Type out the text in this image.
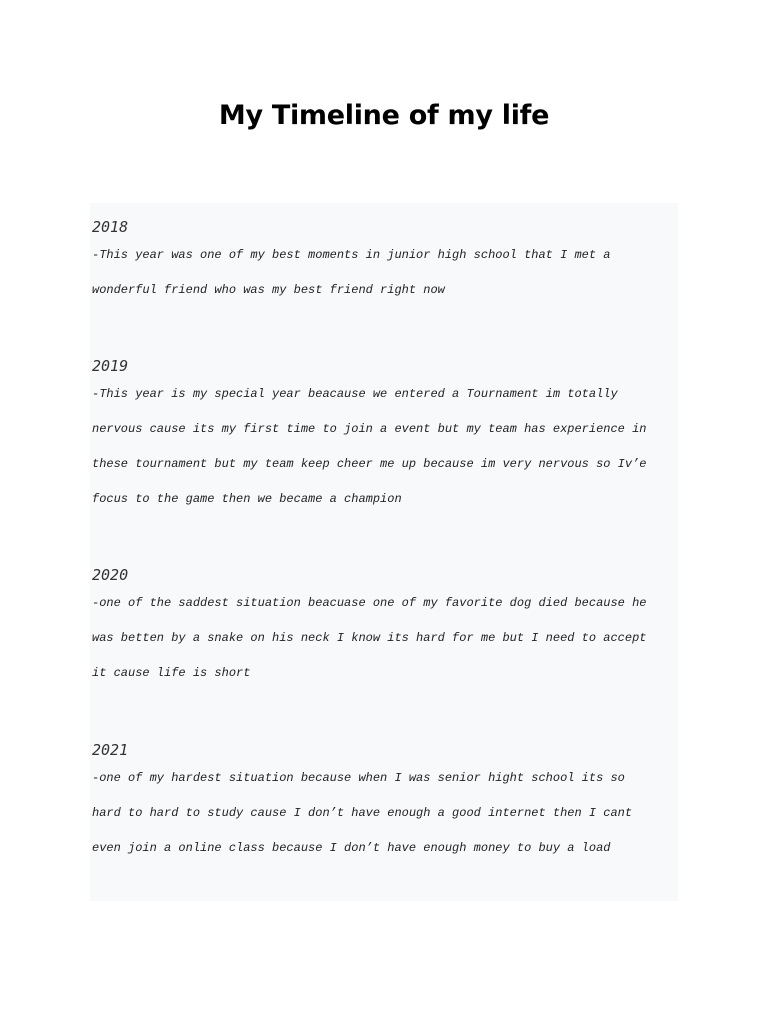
My Timeline of my life
2018
-This year was one of my best moments in junior high school that I met a
wonderful friend who was my best friend right now
2019
-This year is my special year beacause we entered a Tournament im totally
nervous cause its my first time to join a event but my team has experience in
these tournament but my team keep cheer me up because im very nervous so Iv’e
focus to the game then we became a champion
2020
-one of the saddest situation beacuase one of my favorite dog died because he
was betten by a snake on his neck I know its hard for me but I need to accept
it cause life is short
2021
-one of my hardest situation because when I was senior hight school its so
hard to hard to study cause I don’t have enough a good internet then I cant
even join a online class because I don’t have enough money to buy a load
